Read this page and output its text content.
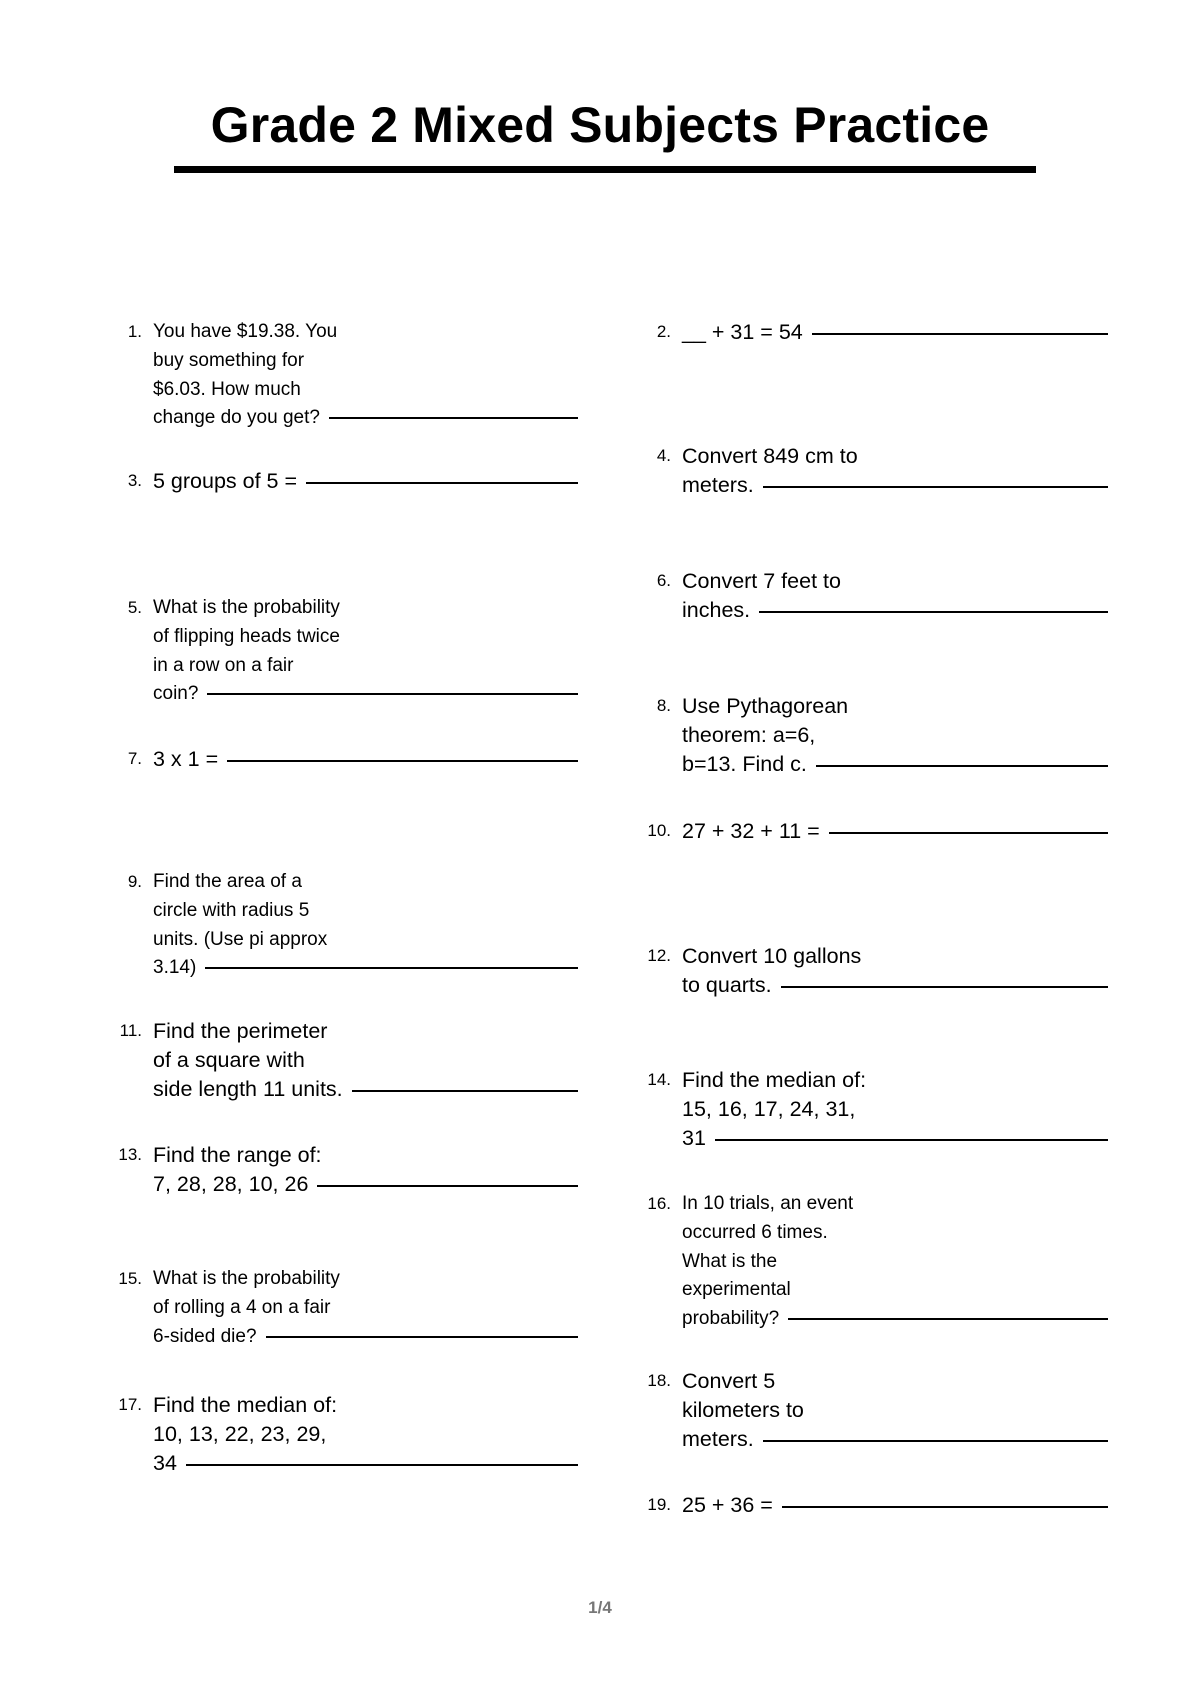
Grade 2 Mixed Subjects Practice
1. You have $19.38. You
buy something for
$6.03. How much
change do you get?
2. __ + 31 = 54
3. 5 groups of 5 =
4. Convert 849 cm to
meters.
5. What is the probability
of flipping heads twice
in a row on a fair
coin?
6. Convert 7 feet to
inches.
7. 3 x 1 =
8. Use Pythagorean
theorem: a=6,
b=13. Find c.
9. Find the area of a
circle with radius 5
units. (Use pi approx
3.14)
10. 27 + 32 + 11 =
11. Find the perimeter
of a square with
side length 11 units.
12. Convert 10 gallons
to quarts.
13. Find the range of:
7, 28, 28, 10, 26
14. Find the median of:
15, 16, 17, 24, 31,
31
15. What is the probability
of rolling a 4 on a fair
6-sided die?
16. In 10 trials, an event
occurred 6 times.
What is the
experimental
probability?
17. Find the median of:
10, 13, 22, 23, 29,
34
18. Convert 5
kilometers to
meters.
19. 25 + 36 =
1/4
